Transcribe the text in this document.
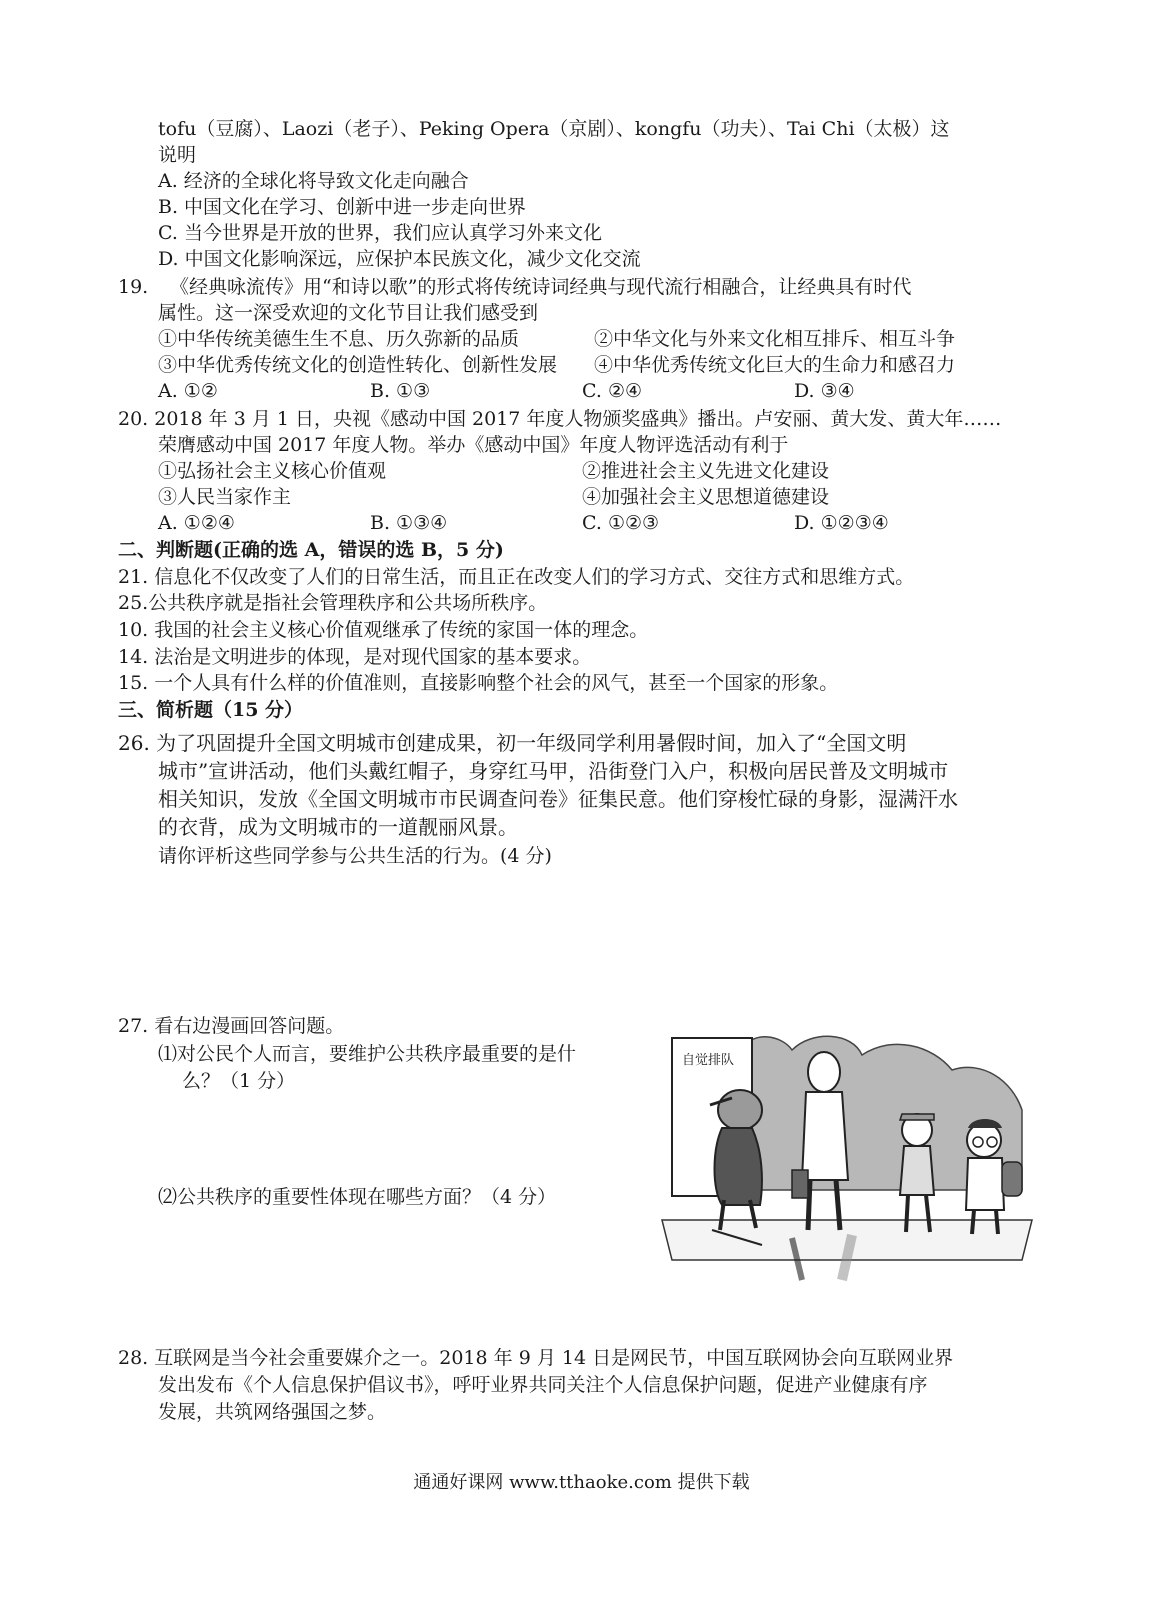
tofu（豆腐）、Laozi（老子）、Peking Opera（京剧）、kongfu（功夫）、Tai Chi（太极）这
说明
A. 经济的全球化将导致文化走向融合
B. 中国文化在学习、创新中进一步走向世界
C. 当今世界是开放的世界，我们应认真学习外来文化
D. 中国文化影响深远，应保护本民族文化，减少文化交流
19. 《经典咏流传》用“和诗以歌”的形式将传统诗词经典与现代流行相融合，让经典具有时代
属性。这一深受欢迎的文化节目让我们感受到
①中华传统美德生生不息、历久弥新的品质	②中华文化与外来文化相互排斥、相互斗争
③中华优秀传统文化的创造性转化、创新性发展 ④中华优秀传统文化巨大的生命力和感召力
A. ①②	B. ①③	C. ②④	D. ③④
20. 2018 年 3 月 1 日，央视《感动中国 2017 年度人物颁奖盛典》播出。卢安丽、黄大发、黄大年……
荣膺感动中国 2017 年度人物。举办《感动中国》年度人物评选活动有利于
①弘扬社会主义核心价值观	②推进社会主义先进文化建设
③人民当家作主	④加强社会主义思想道德建设
A. ①②④	B. ①③④	C. ①②③	D. ①②③④
二、判断题(正确的选 A，错误的选 B，5 分)
21. 信息化不仅改变了人们的日常生活，而且正在改变人们的学习方式、交往方式和思维方式。
25.公共秩序就是指社会管理秩序和公共场所秩序。
10. 我国的社会主义核心价值观继承了传统的家国一体的理念。
14. 法治是文明进步的体现，是对现代国家的基本要求。
15. 一个人具有什么样的价值准则，直接影响整个社会的风气，甚至一个国家的形象。
三、简析题（15 分）
26. 为了巩固提升全国文明城市创建成果，初一年级同学利用暑假时间，加入了“全国文明
城市”宣讲活动，他们头戴红帽子，身穿红马甲，沿街登门入户，积极向居民普及文明城市
相关知识，发放《全国文明城市市民调查问卷》征集民意。他们穿梭忙碌的身影，湿满汗水
的衣背，成为文明城市的一道靓丽风景。
请你评析这些同学参与公共生活的行为。(4 分)
27. 看右边漫画回答问题。
⑴对公民个人而言，要维护公共秩序最重要的是什
么？（1 分）
⑵公共秩序的重要性体现在哪些方面？（4 分）
自觉排队
28. 互联网是当今社会重要媒介之一。2018 年 9 月 14 日是网民节，中国互联网协会向互联网业界
发出发布《个人信息保护倡议书》，呼吁业界共同关注个人信息保护问题，促进产业健康有序
发展，共筑网络强国之梦。
通通好课网 www.tthaoke.com 提供下载
